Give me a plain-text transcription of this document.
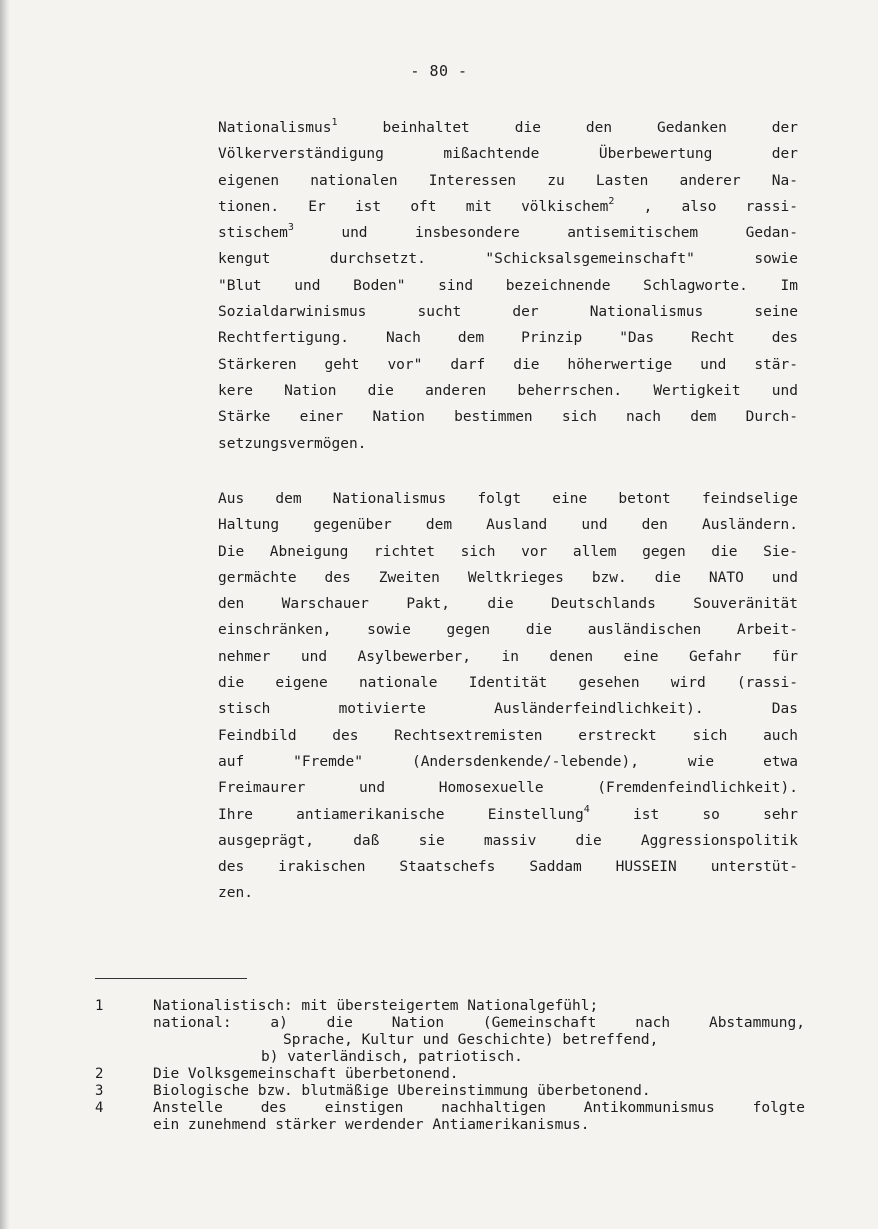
- 80 -
Nationalismus$^1$ beinhaltet die den Gedanken der
Völkerverständigung mißachtende Überbewertung der
eigenen nationalen Interessen zu Lasten anderer Na-
tionen. Er ist oft mit völkischem$^2$ , also rassi-
stischem$^3$ und insbesondere antisemitischem Gedan-
kengut durchsetzt. "Schicksalsgemeinschaft" sowie
"Blut und Boden" sind bezeichnende Schlagworte. Im
Sozialdarwinismus sucht der Nationalismus seine
Rechtfertigung. Nach dem Prinzip "Das Recht des
Stärkeren geht vor" darf die höherwertige und stär-
kere Nation die anderen beherrschen. Wertigkeit und
Stärke einer Nation bestimmen sich nach dem Durch-
setzungsvermögen.
Aus dem Nationalismus folgt eine betont feindselige
Haltung gegenüber dem Ausland und den Ausländern.
Die Abneigung richtet sich vor allem gegen die Sie-
germächte des Zweiten Weltkrieges bzw. die NATO und
den Warschauer Pakt, die Deutschlands Souveränität
einschränken, sowie gegen die ausländischen Arbeit-
nehmer und Asylbewerber, in denen eine Gefahr für
die eigene nationale Identität gesehen wird (rassi-
stisch motivierte Ausländerfeindlichkeit). Das
Feindbild des Rechtsextremisten erstreckt sich auch
auf "Fremde" (Andersdenkende/-lebende), wie etwa
Freimaurer und Homosexuelle (Fremdenfeindlichkeit).
Ihre antiamerikanische Einstellung$^4$ ist so sehr
ausgeprägt, daß sie massiv die Aggressionspolitik
des irakischen Staatschefs Saddam HUSSEIN unterstüt-
zen.
1	Nationalistisch: mit übersteigertem Nationalgefühl;
national: a) die Nation (Gemeinschaft nach Abstammung,
Sprache, Kultur und Geschichte) betreffend,
b) vaterländisch, patriotisch.
2	Die Volksgemeinschaft überbetonend.
3	Biologische bzw. blutmäßige Übereinstimmung überbetonend.
4	Anstelle des einstigen nachhaltigen Antikommunismus folgte
ein zunehmend stärker werdender Antiamerikanismus.
